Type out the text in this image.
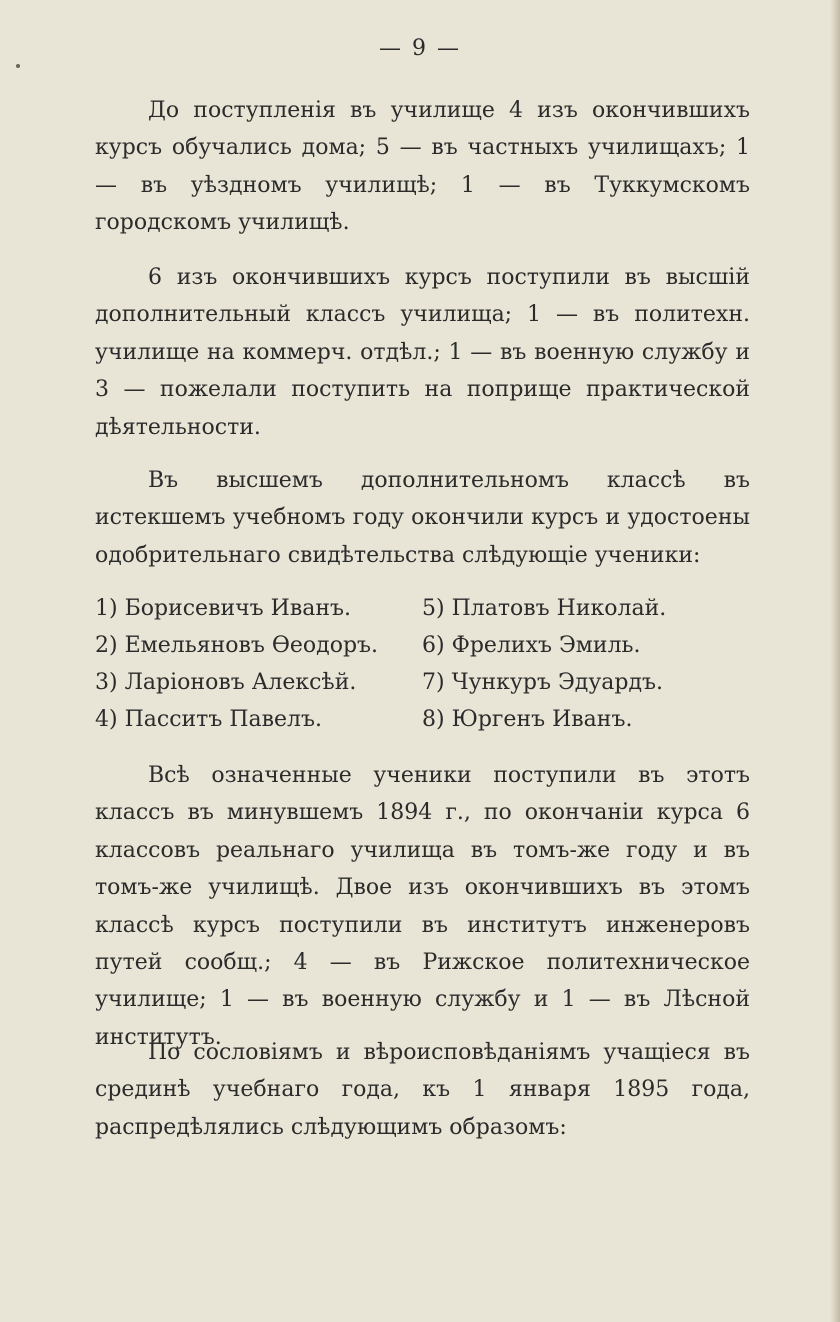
— 9 —

До поступленія въ училище 4 изъ окончившихъ курсъ обучались дома; 5 — въ частныхъ училищахъ; 1 — въ уѣздномъ училищѣ; 1 — въ Туккумскомъ городскомъ училищѣ.

6 изъ окончившихъ курсъ поступили въ высшій дополнительный классъ училища; 1 — въ политехн. училище на коммерч. отдѣл.; 1 — въ военную службу и 3 — пожелали поступить на поприще практической дѣятельности.

Въ высшемъ дополнительномъ классѣ въ истекшемъ учебномъ году окончили курсъ и удостоены одобрительнаго свидѣтельства слѣдующіе ученики:

1) Борисевичъ Иванъ.
2) Емельяновъ Ѳеодоръ.
3) Ларіоновъ Алексѣй.
4) Пасситъ Павелъ.
5) Платовъ Николай.
6) Фрелихъ Эмиль.
7) Чункуръ Эдуардъ.
8) Юргенъ Иванъ.

Всѣ означенные ученики поступили въ этотъ классъ въ минувшемъ 1894 г., по окончаніи курса 6 классовъ реальнаго училища въ томъ-же году и въ томъ-же училищѣ. Двое изъ окончившихъ въ этомъ классѣ курсъ поступили въ институтъ инженеровъ путей сообщ.; 4 — въ Рижское политехническое училище; 1 — въ военную службу и 1 — въ Лѣсной институтъ.

По сословіямъ и вѣроисповѣданіямъ учащіеся въ срединѣ учебнаго года, къ 1 января 1895 года, распредѣлялись слѣдующимъ образомъ:
